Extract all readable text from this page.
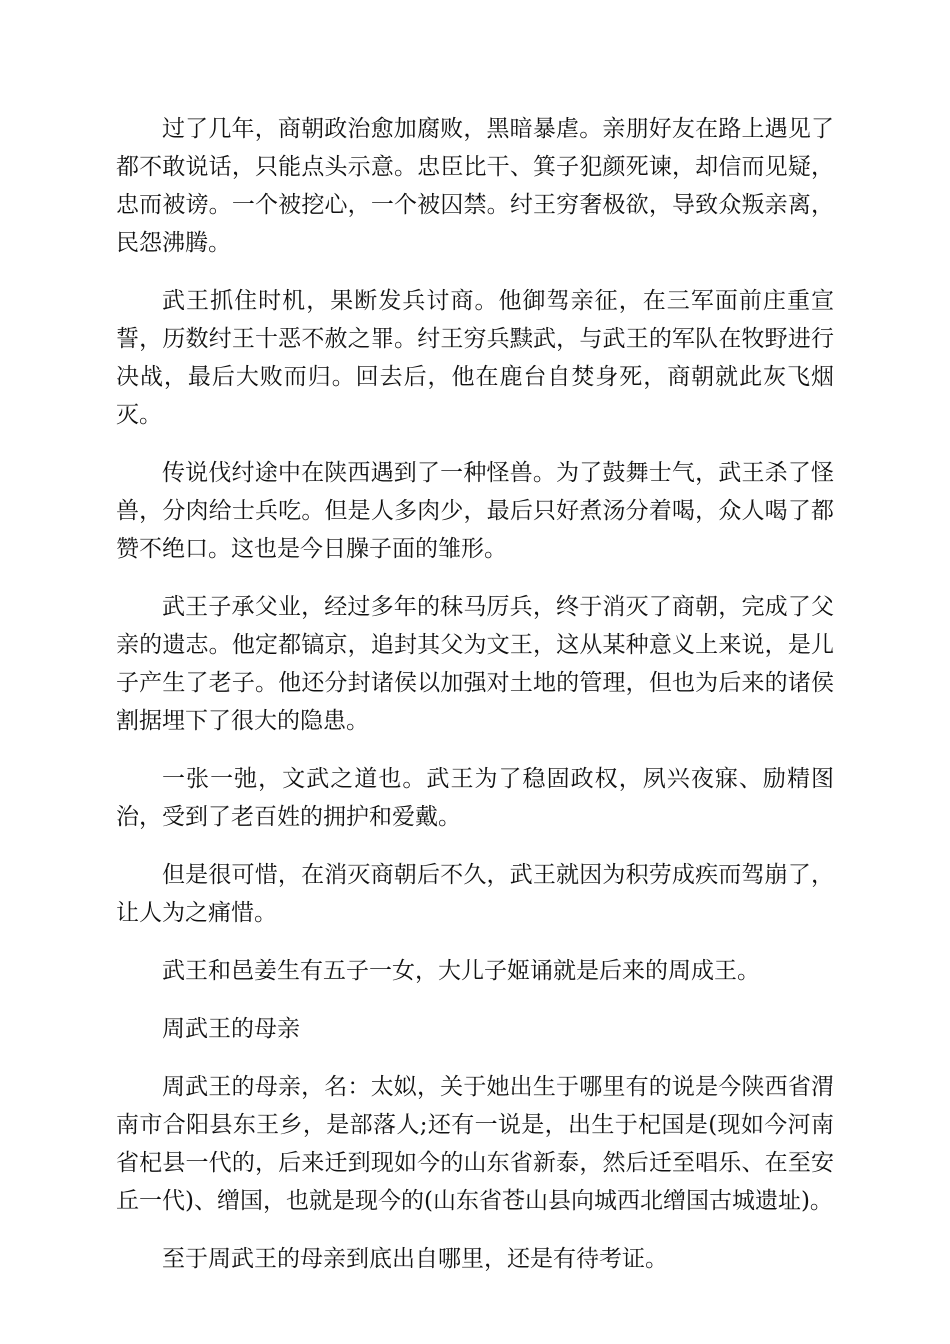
过了几年，商朝政治愈加腐败，黑暗暴虐。亲朋好友在路上遇见了都不敢说话，只能点头示意。忠臣比干、箕子犯颜死谏，却信而见疑，忠而被谤。一个被挖心，一个被囚禁。纣王穷奢极欲，导致众叛亲离，民怨沸腾。

武王抓住时机，果断发兵讨商。他御驾亲征，在三军面前庄重宣誓，历数纣王十恶不赦之罪。纣王穷兵黩武，与武王的军队在牧野进行决战，最后大败而归。回去后，他在鹿台自焚身死，商朝就此灰飞烟灭。

传说伐纣途中在陕西遇到了一种怪兽。为了鼓舞士气，武王杀了怪兽，分肉给士兵吃。但是人多肉少，最后只好煮汤分着喝，众人喝了都赞不绝口。这也是今日臊子面的雏形。

武王子承父业，经过多年的秣马厉兵，终于消灭了商朝，完成了父亲的遗志。他定都镐京，追封其父为文王，这从某种意义上来说，是儿子产生了老子。他还分封诸侯以加强对土地的管理，但也为后来的诸侯割据埋下了很大的隐患。

一张一弛，文武之道也。武王为了稳固政权，夙兴夜寐、励精图治，受到了老百姓的拥护和爱戴。

但是很可惜，在消灭商朝后不久，武王就因为积劳成疾而驾崩了，让人为之痛惜。

武王和邑姜生有五子一女，大儿子姬诵就是后来的周成王。

周武王的母亲

周武王的母亲，名：太姒，关于她出生于哪里有的说是今陕西省渭南市合阳县东王乡，是部落人;还有一说是，出生于杞国是(现如今河南省杞县一代的，后来迁到现如今的山东省新泰，然后迁至唱乐、在至安丘一代)、缯国，也就是现今的(山东省苍山县向城西北缯国古城遗址)。

至于周武王的母亲到底出自哪里，还是有待考证。
